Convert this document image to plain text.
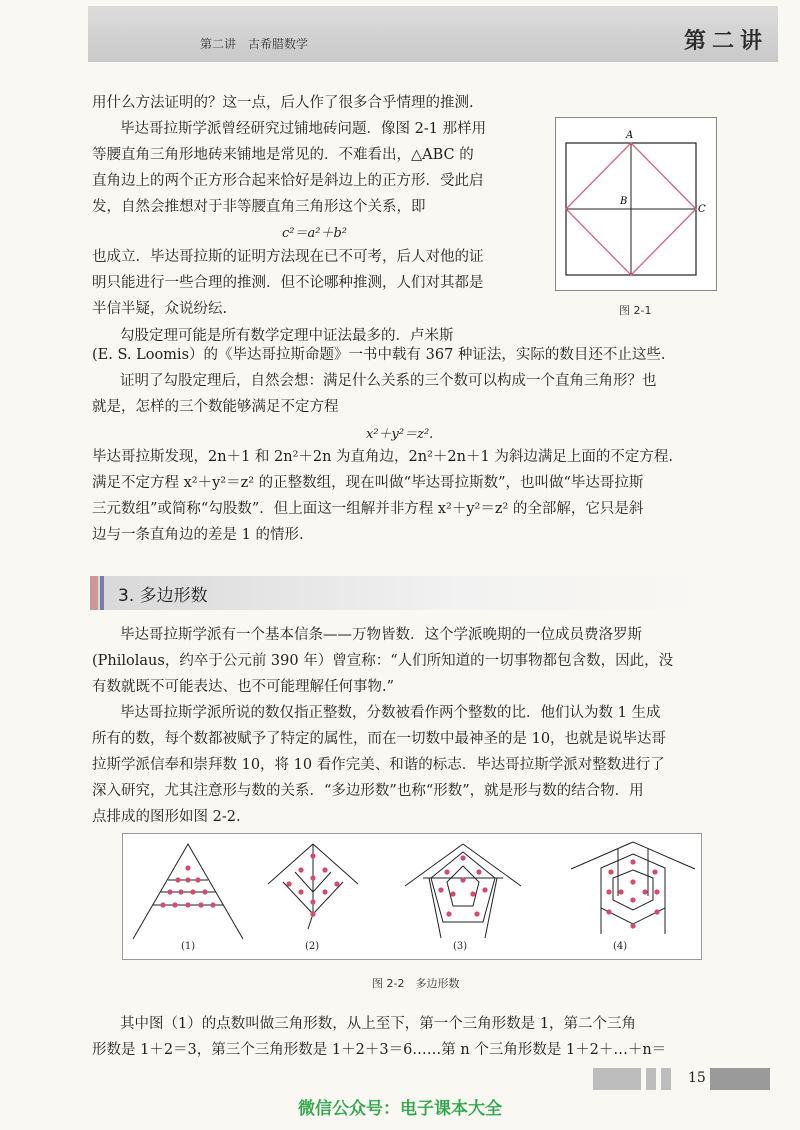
第二讲　古希腊数学	第二讲
用什么方法证明的？这一点，后人作了很多合乎情理的推测.
毕达哥拉斯学派曾经研究过铺地砖问题．像图 2-1 那样用
等腰直角三角形地砖来铺地是常见的．不难看出，△ABC 的
直角边上的两个正方形合起来恰好是斜边上的正方形．受此启
发，自然会推想对于非等腰直角三角形这个关系，即
c²＝a²＋b²
也成立．毕达哥拉斯的证明方法现在已不可考，后人对他的证
明只能进行一些合理的推测．但不论哪种推测，人们对其都是
半信半疑，众说纷纭.
勾股定理可能是所有数学定理中证法最多的．卢米斯
(E. S. Loomis）的《毕达哥拉斯命题》一书中载有 367 种证法，实际的数目还不止这些.
证明了勾股定理后，自然会想：满足什么关系的三个数可以构成一个直角三角形？也
就是，怎样的三个数能够满足不定方程
x²＋y²＝z².
毕达哥拉斯发现，2n＋1 和 2n²＋2n 为直角边，2n²＋2n＋1 为斜边满足上面的不定方程.
满足不定方程 x²＋y²＝z² 的正整数组，现在叫做“毕达哥拉斯数”，也叫做“毕达哥拉斯
三元数组”或简称“勾股数”．但上面这一组解并非方程 x²＋y²＝z² 的全部解，它只是斜
边与一条直角边的差是 1 的情形.
A
B
C
图 2-1
3. 多边形数
毕达哥拉斯学派有一个基本信条——万物皆数．这个学派晚期的一位成员费洛罗斯
(Philolaus，约卒于公元前 390 年）曾宣称：“人们所知道的一切事物都包含数，因此，没
有数就既不可能表达、也不可能理解任何事物.”
毕达哥拉斯学派所说的数仅指正整数，分数被看作两个整数的比．他们认为数 1 生成
所有的数，每个数都被赋予了特定的属性，而在一切数中最神圣的是 10，也就是说毕达哥
拉斯学派信奉和崇拜数 10，将 10 看作完美、和谐的标志．毕达哥拉斯学派对整数进行了
深入研究，尤其注意形与数的关系．“多边形数”也称“形数”，就是形与数的结合物．用
点排成的图形如图 2-2.
(1)	(2)	(3)	(4)
图 2-2　多边形数
其中图（1）的点数叫做三角形数，从上至下，第一个三角形数是 1，第二个三角
形数是 1＋2＝3，第三个三角形数是 1＋2＋3＝6……第 n 个三角形数是 1＋2＋…＋n＝
15
微信公众号：电子课本大全
